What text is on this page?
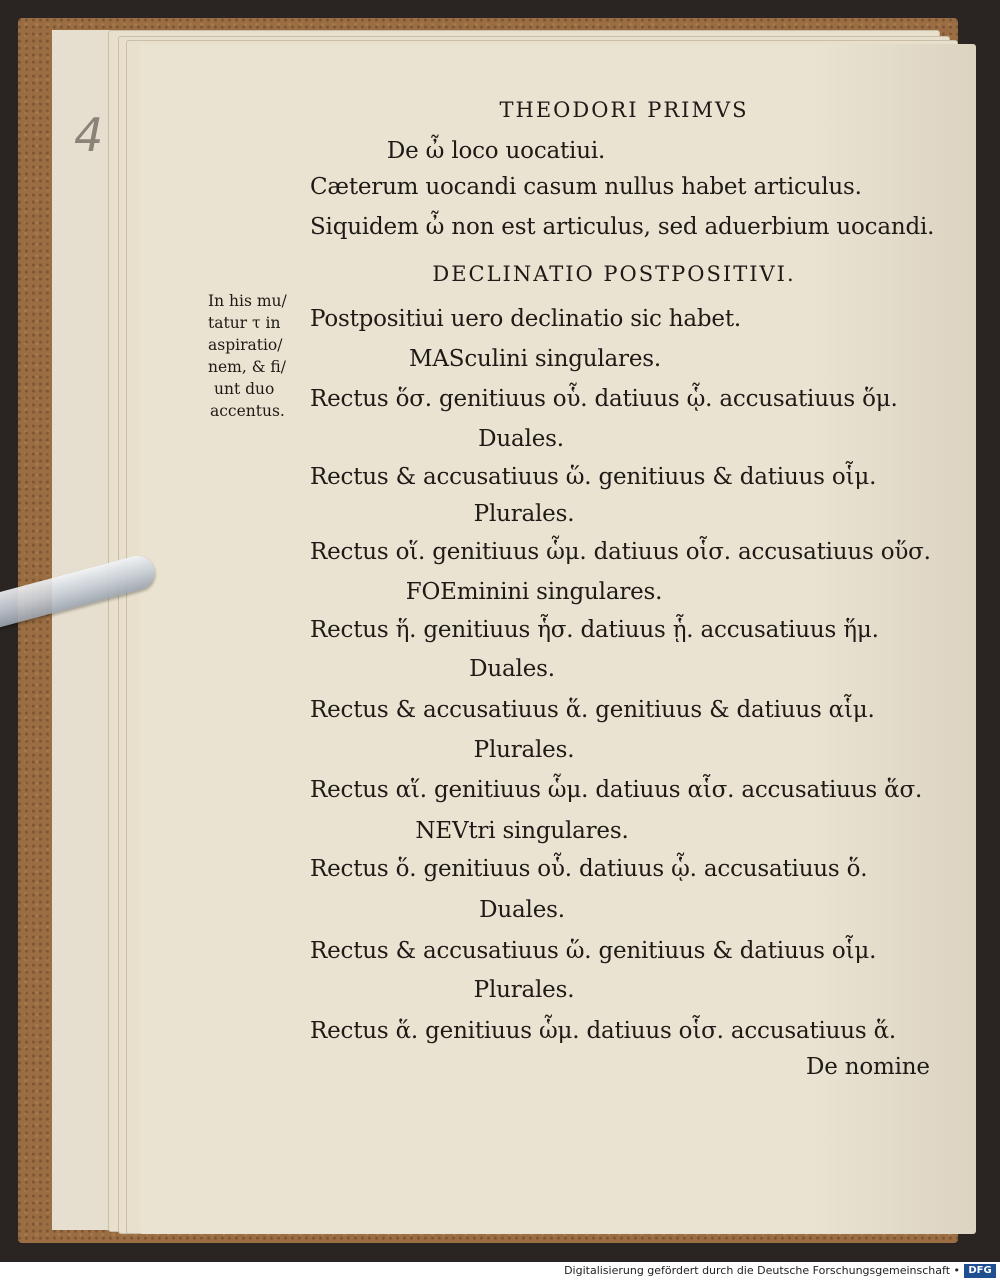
4	THEODORI PRIMVS
De ὦ loco uocatiui.
Cæterum uocandi casum nullus habet articulus.
Siquidem ὦ non est articulus, sed aduerbium uocandi.
DECLINATIO POSTPOSITIVI.
Postpositiui uero declinatio sic habet.
MASculini singulares.
Rectus ὅσ. genitiuus οὗ. datiuus ᾧ. accusatiuus ὅμ.
Duales.
Rectus & accusatiuus ὥ. genitiuus & datiuus οἷμ.
Plurales.
Rectus οἵ. genitiuus ὧμ. datiuus οἷσ. accusatiuus οὕσ.
FOEminini singulares.
Rectus ἥ. genitiuus ἧσ. datiuus ᾗ. accusatiuus ἥμ.
Duales.
Rectus & accusatiuus ἅ. genitiuus & datiuus αἷμ.
Plurales.
Rectus αἵ. genitiuus ὧμ. datiuus αἷσ. accusatiuus ἅσ.
NEVtri singulares.
Rectus ὅ. genitiuus οὗ. datiuus ᾧ. accusatiuus ὅ.
Duales.
Rectus & accusatiuus ὥ. genitiuus & datiuus οἷμ.
Plurales.
Rectus ἅ. genitiuus ὧμ. datiuus οἷσ. accusatiuus ἅ.
De nomine
In his mu/
tatur τ in
aspiratio/
nem, & fi/
unt duo
accentus.
Digitalisierung gefördert durch die Deutsche Forschungsgemeinschaft • DFG
